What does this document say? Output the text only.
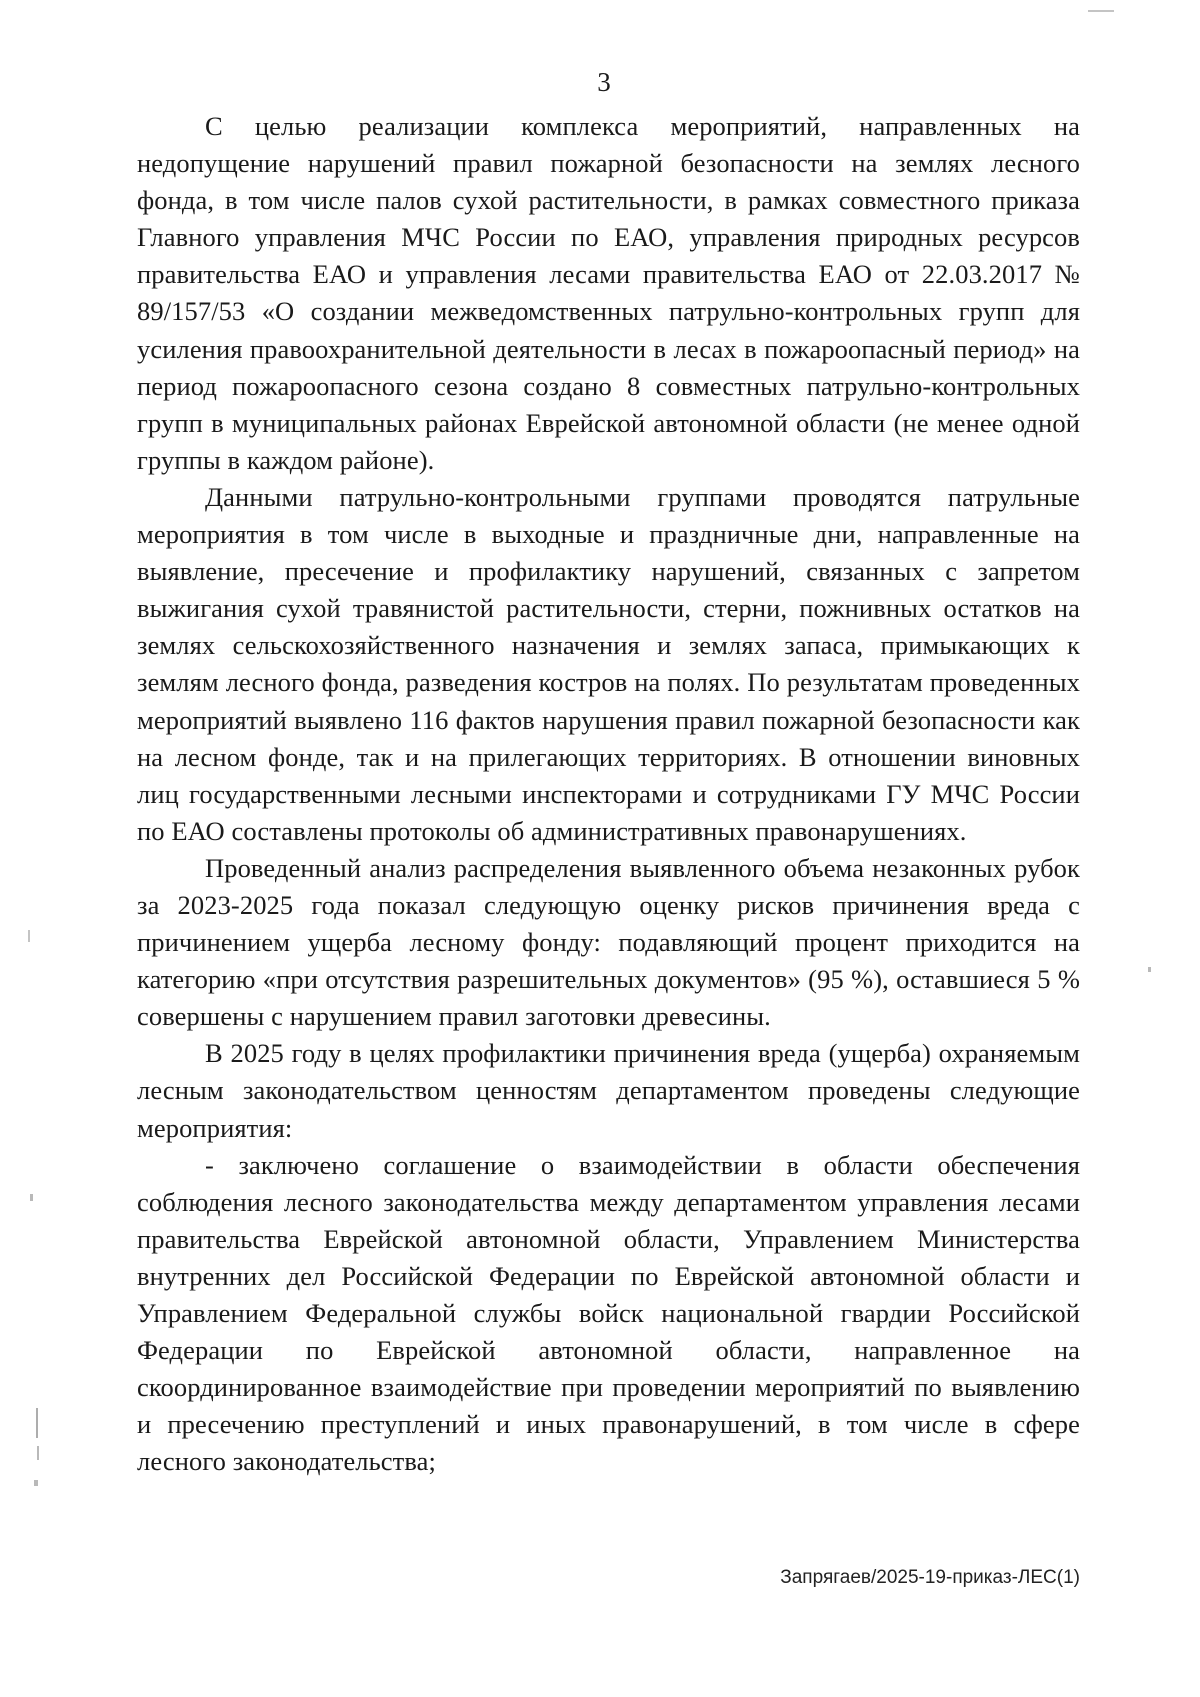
3

С целью реализации комплекса мероприятий, направленных на недопущение нарушений правил пожарной безопасности на землях лесного фонда, в том числе палов сухой растительности, в рамках совместного приказа Главного управления МЧС России по ЕАО, управления природных ресурсов правительства ЕАО и управления лесами правительства ЕАО от 22.03.2017 № 89/157/53 «О создании межведомственных патрульно-контрольных групп для усиления правоохранительной деятельности в лесах в пожароопасный период» на период пожароопасного сезона создано 8 совместных патрульно-контрольных групп в муниципальных районах Еврейской автономной области (не менее одной группы в каждом районе).

Данными патрульно-контрольными группами проводятся патрульные мероприятия в том числе в выходные и праздничные дни, направленные на выявление, пресечение и профилактику нарушений, связанных с запретом выжигания сухой травянистой растительности, стерни, пожнивных остатков на землях сельскохозяйственного назначения и землях запаса, примыкающих к землям лесного фонда, разведения костров на полях. По результатам проведенных мероприятий выявлено 116 фактов нарушения правил пожарной безопасности как на лесном фонде, так и на прилегающих территориях. В отношении виновных лиц государственными лесными инспекторами и сотрудниками ГУ МЧС России по ЕАО составлены протоколы об административных правонарушениях.

Проведенный анализ распределения выявленного объема незаконных рубок за 2023-2025 года показал следующую оценку рисков причинения вреда с причинением ущерба лесному фонду: подавляющий процент приходится на категорию «при отсутствия разрешительных документов» (95 %), оставшиеся 5 % совершены с нарушением правил заготовки древесины.

В 2025 году в целях профилактики причинения вреда (ущерба) охраняемым лесным законодательством ценностям департаментом проведены следующие мероприятия:

- заключено соглашение о взаимодействии в области обеспечения соблюдения лесного законодательства между департаментом управления лесами правительства Еврейской автономной области, Управлением Министерства внутренних дел Российской Федерации по Еврейской автономной области и Управлением Федеральной службы войск национальной гвардии Российской Федерации по Еврейской автономной области, направленное на скоординированное взаимодействие при проведении мероприятий по выявлению и пресечению преступлений и иных правонарушений, в том числе в сфере лесного законодательства;

Запрягаев/2025-19-приказ-ЛЕС(1)
